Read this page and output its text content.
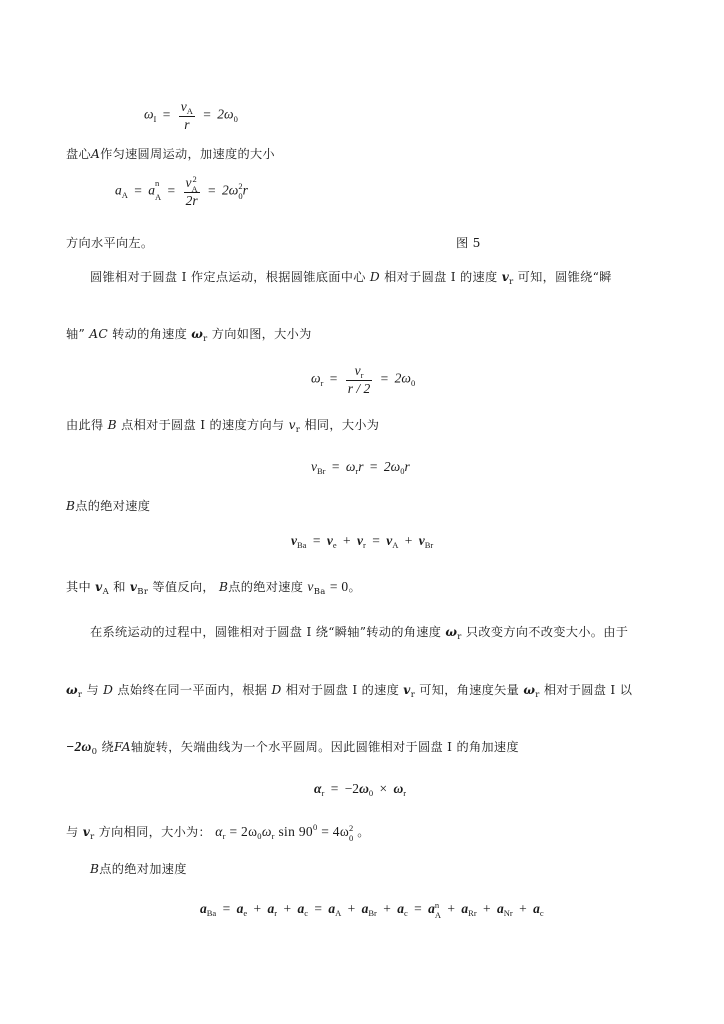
$\omega_I = \frac{v_A}{r} = 2\omega_0$
盘心A作匀速圆周运动，加速度的大小
$a_A = a$ n
A = v 2
A
2r = 2ω 2
0 r
方向水平向左。	图 5
圆锥相对于圆盘 I 作定点运动，根据圆锥底面中心 D 相对于圆盘 I 的速度 $v_r$ 可知，圆锥绕“瞬
轴” AC 转动的角速度 $\omega_r$ 方向如图，大小为
$\omega_r = \frac{v_r}{r / 2} = 2\omega_0$
由此得 B 点相对于圆盘 I 的速度方向与 $v_r$ 相同，大小为
$v_{Br} = \omega_rr = 2\omega_0r$
B点的绝对速度
$v_{Ba} = v_e + v_r = v_A + v_{Br}$
其中 $v_A$ 和 $v_{Br}$ 等值反向， B点的绝对速度 $v_{Ba} = 0$。
在系统运动的过程中，圆锥相对于圆盘 I 绕“瞬轴”转动的角速度 $\omega_r$ 只改变方向不改变大小。由于
$\omega_r$ 与 D 点始终在同一平面内，根据 D 相对于圆盘 I 的速度 $v_r$ 可知，角速度矢量 $\omega_r$ 相对于圆盘 I 以
$-2\omega_0$ 绕FA轴旋转，矢端曲线为一个水平圆周。因此圆锥相对于圆盘 I 的角加速度
$\alpha_r = -2\omega_0 \times \omega_r$
与 $v_r$ 方向相同，大小为： $\alpha_r = 2\omega_0\omega_r$ $\sin 90^0 = 4\omega$ 2
0 。
B点的绝对加速度
$a_{Ba} = a_e + a_r + a_c = a_A + a_{Br} + a_c = a$ n
$A + a_{Rr} + a_{Nr} + a_c$
